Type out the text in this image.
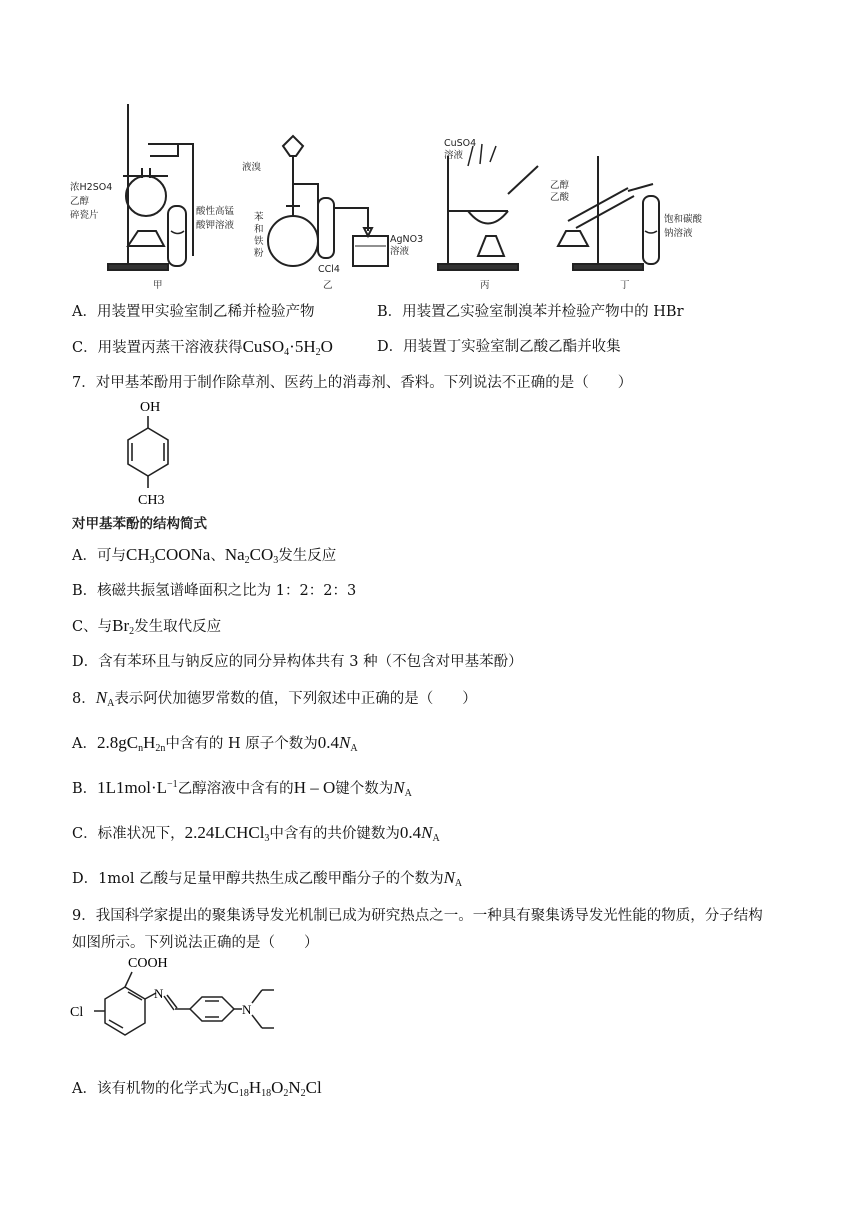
浓H2SO4
乙醇
碎瓷片	酸性高锰
酸钾溶液
甲
液溴
苯
和
铁
粉
CCl4
AgNO3
溶液
乙
CuSO4
溶液
丙
乙醇
乙酸
饱和碳酸
钠溶液
丁
A．用装置甲实验室制乙稀并检验产物	B．用装置乙实验室制溴苯并检验产物中的 HBr
C．用装置丙蒸干溶液获得$CuSO_4\cdot 5H_2O$	D．用装置丁实验室制乙酸乙酯并收集
7．对甲基苯酚用于制作除草剂、医药上的消毒剂、香料。下列说法不正确的是（　　）
OH
CH3
对甲基苯酚的结构简式
A．可与$CH_3COONa$、$Na_2CO_3$发生反应
B．核磁共振氢谱峰面积之比为 1：2：2：3
C、与$Br_2$发生取代反应
D．含有苯环且与钠反应的同分异构体共有 3 种（不包含对甲基苯酚）
8．$N_A$表示阿伏加德罗常数的值，下列叙述中正确的是（　　）
A．$2.8gC_nH_{2n}$中含有的 H 原子个数为$0.4N_A$
B．$1L1mol\cdot L^{-1}$乙醇溶液中含有的H – O键个数为$N_A$
C．标准状况下，2.24LCHCl$_3$中含有的共价键数为$0.4N_A$
D．1mol 乙酸与足量甲醇共热生成乙酸甲酯分子的个数为$N_A$
9．我国科学家提出的聚集诱导发光机制已成为研究热点之一。一种具有聚集诱导发光性能的物质，分子结构
如图所示。下列说法正确的是（　　）
COOH
Cl
N
N
A．该有机物的化学式为$C_{18}H_{18}O_2N_2Cl$
